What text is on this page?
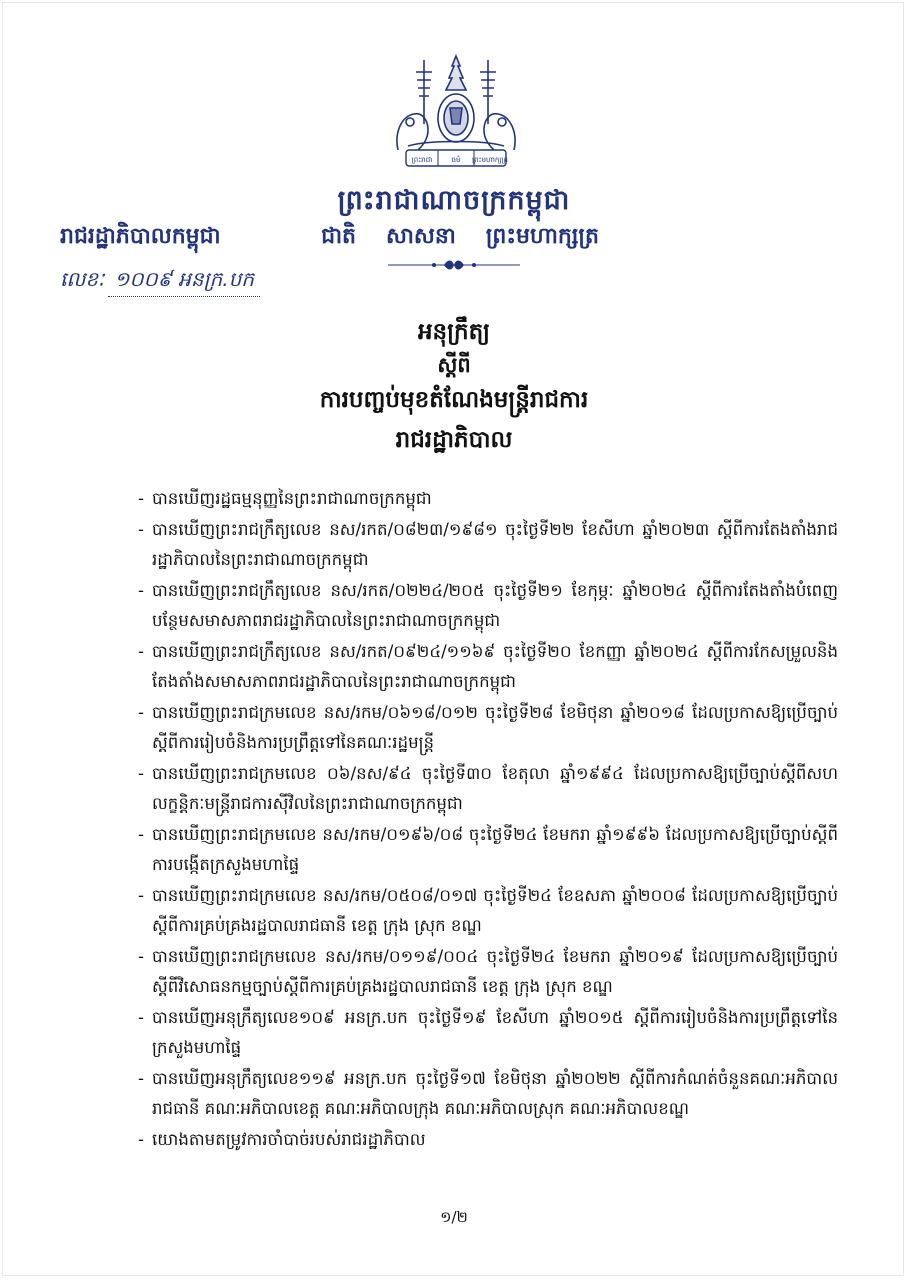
ព្រះរាជា	ធម៌ ព្រះមហាក្សត្រ
ព្រះរាជាណាចក្រកម្ពុជា
រាជរដ្ឋាភិបាលកម្ពុជា	ជាតិ សាសនា ព្រះមហាក្សត្រ
លេខៈ ១០០៩ អនក្រ.បក
អនុក្រឹត្យ
ស្តីពី
ការបញ្ចប់មុខតំណែងមន្ត្រីរាជការ
រាជរដ្ឋាភិបាល
- បានឃើញរដ្ឋធម្មនុញ្ញនៃព្រះរាជាណាចក្រកម្ពុជា
- បានឃើញព្រះរាជក្រឹត្យលេខ នស/រកត/០៨២៣/១៩៨១ ចុះថ្ងៃទី២២ ខែសីហា ឆ្នាំ២០២៣ ស្តីពីការតែងតាំងរាជរដ្ឋាភិបាលនៃព្រះរាជាណាចក្រកម្ពុជា
- បានឃើញព្រះរាជក្រឹត្យលេខ នស/រកត/០២២៤/២០៥ ចុះថ្ងៃទី២១ ខែកុម្ភៈ ឆ្នាំ២០២៤ ស្តីពីការតែងតាំងបំពេញបន្ថែមសមាសភាពរាជរដ្ឋាភិបាលនៃព្រះរាជាណាចក្រកម្ពុជា
- បានឃើញព្រះរាជក្រឹត្យលេខ នស/រកត/០៩២៤/១១៦៩ ចុះថ្ងៃទី២០ ខែកញ្ញា ឆ្នាំ២០២៤ ស្តីពីការកែសម្រួលនិងតែងតាំងសមាសភាពរាជរដ្ឋាភិបាលនៃព្រះរាជាណាចក្រកម្ពុជា
- បានឃើញព្រះរាជក្រមលេខ នស/រកម/០៦១៨/០១២ ចុះថ្ងៃទី២៨ ខែមិថុនា ឆ្នាំ២០១៨ ដែលប្រកាសឱ្យប្រើច្បាប់ស្តីពីការរៀបចំនិងការប្រព្រឹត្តទៅនៃគណៈរដ្ឋមន្ត្រី
- បានឃើញព្រះរាជក្រមលេខ ០៦/នស/៩៤ ចុះថ្ងៃទី៣០ ខែតុលា ឆ្នាំ១៩៩៤ ដែលប្រកាសឱ្យប្រើច្បាប់ស្តីពីសហលក្ខន្តិកៈមន្ត្រីរាជការស៊ីវិលនៃព្រះរាជាណាចក្រកម្ពុជា
- បានឃើញព្រះរាជក្រមលេខ នស/រកម/០១៩៦/០៨ ចុះថ្ងៃទី២៤ ខែមករា ឆ្នាំ១៩៩៦ ដែលប្រកាសឱ្យប្រើច្បាប់ស្តីពីការបង្កើតក្រសួងមហាផ្ទៃ
- បានឃើញព្រះរាជក្រមលេខ នស/រកម/០៥០៨/០១៧ ចុះថ្ងៃទី២៤ ខែឧសភា ឆ្នាំ២០០៨ ដែលប្រកាសឱ្យប្រើច្បាប់ស្តីពីការគ្រប់គ្រងរដ្ឋបាលរាជធានី ខេត្ត ក្រុង ស្រុក ខណ្ឌ
- បានឃើញព្រះរាជក្រមលេខ នស/រកម/០១១៩/០០៤ ចុះថ្ងៃទី២៤ ខែមករា ឆ្នាំ២០១៩ ដែលប្រកាសឱ្យប្រើច្បាប់ស្តីពីវិសោធនកម្មច្បាប់ស្តីពីការគ្រប់គ្រងរដ្ឋបាលរាជធានី ខេត្ត ក្រុង ស្រុក ខណ្ឌ
- បានឃើញអនុក្រឹត្យលេខ១០៩ អនក្រ.បក ចុះថ្ងៃទី១៩ ខែសីហា ឆ្នាំ២០១៥ ស្តីពីការរៀបចំនិងការប្រព្រឹត្តទៅនៃក្រសួងមហាផ្ទៃ
- បានឃើញអនុក្រឹត្យលេខ១១៩ អនក្រ.បក ចុះថ្ងៃទី១៧ ខែមិថុនា ឆ្នាំ២០២២ ស្តីពីការកំណត់ចំនួនគណៈអភិបាលរាជធានី គណៈអភិបាលខេត្ត គណៈអភិបាលក្រុង គណៈអភិបាលស្រុក គណៈអភិបាលខណ្ឌ
- យោងតាមតម្រូវការចាំបាច់របស់រាជរដ្ឋាភិបាល
១/២
